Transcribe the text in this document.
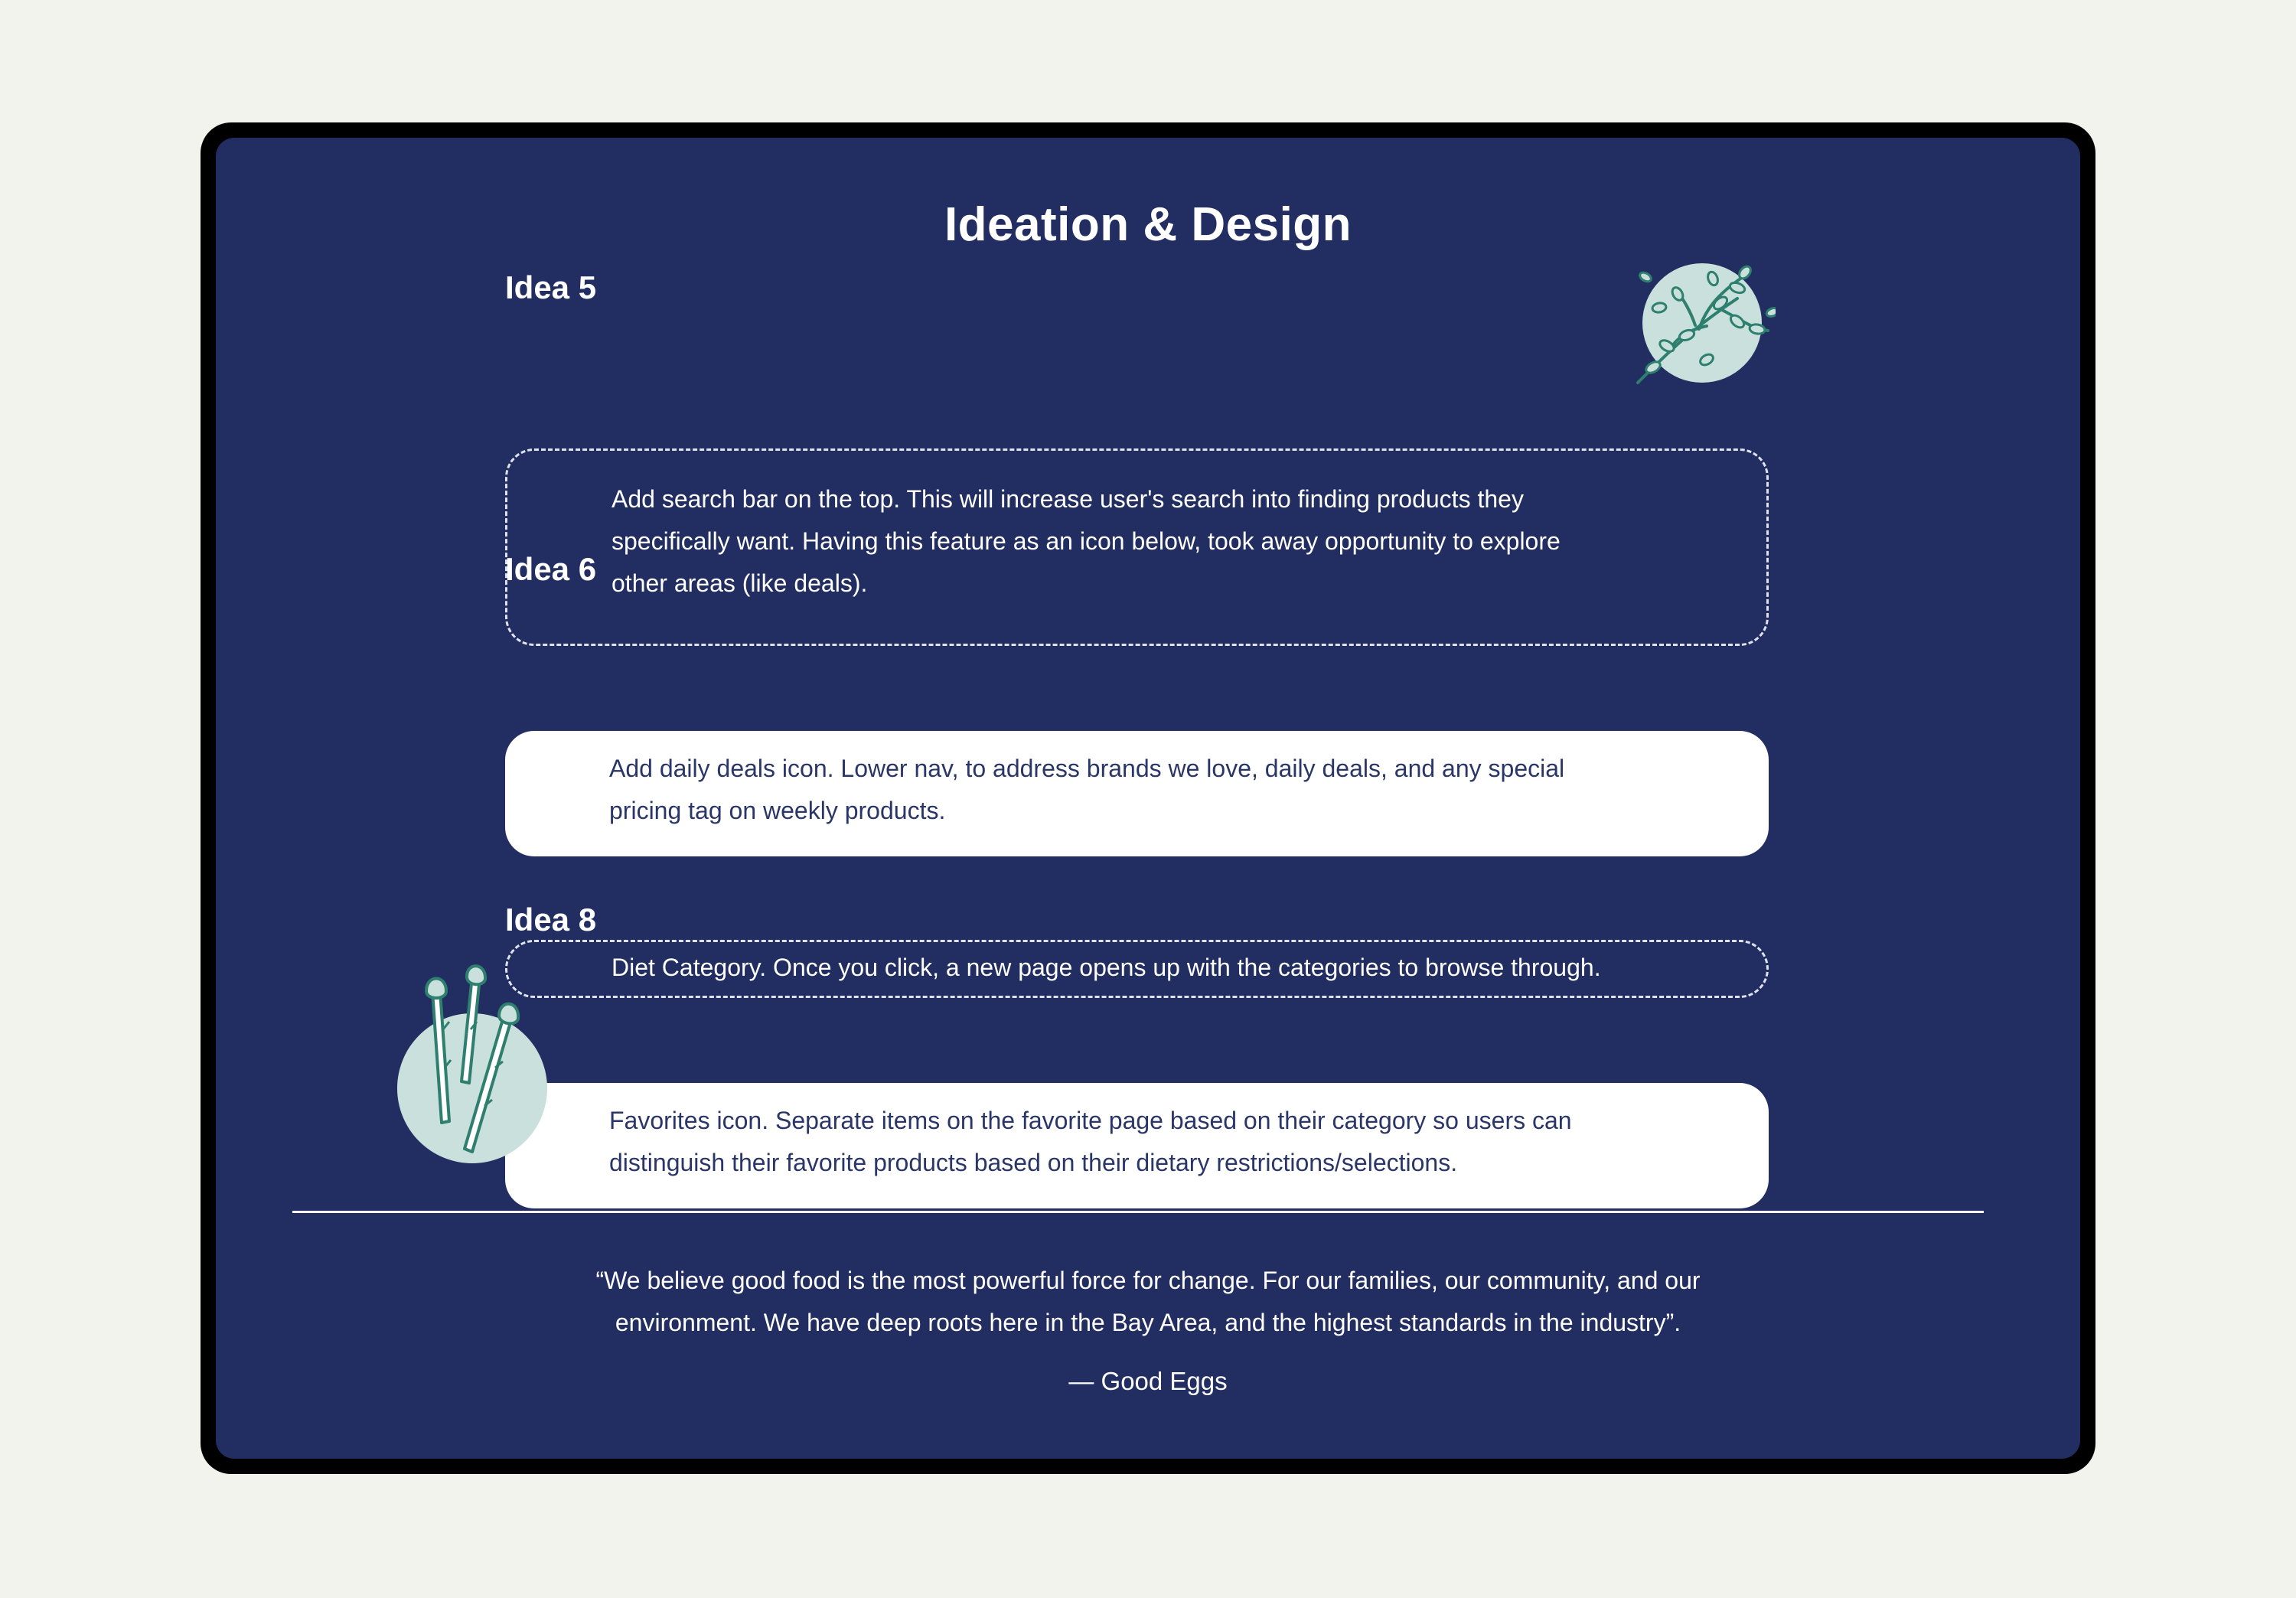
Ideation & Design
Idea 5
Add search bar on the top. This will increase user's search into finding products they specifically want. Having this feature as an icon below, took away opportunity to explore other areas (like deals).
Idea 6
Add daily deals icon. Lower nav, to address brands we love, daily deals, and any special pricing tag on weekly products.
Idea 7
Diet Category. Once you click, a new page opens up with the categories to browse through.
Idea 8
Favorites icon. Separate items on the favorite page based on their category so users can distinguish their favorite products based on their dietary restrictions/selections.
“We believe good food is the most powerful force for change. For our families, our community, and our environment. We have deep roots here in the Bay Area, and the highest standards in the industry”.
— Good Eggs
